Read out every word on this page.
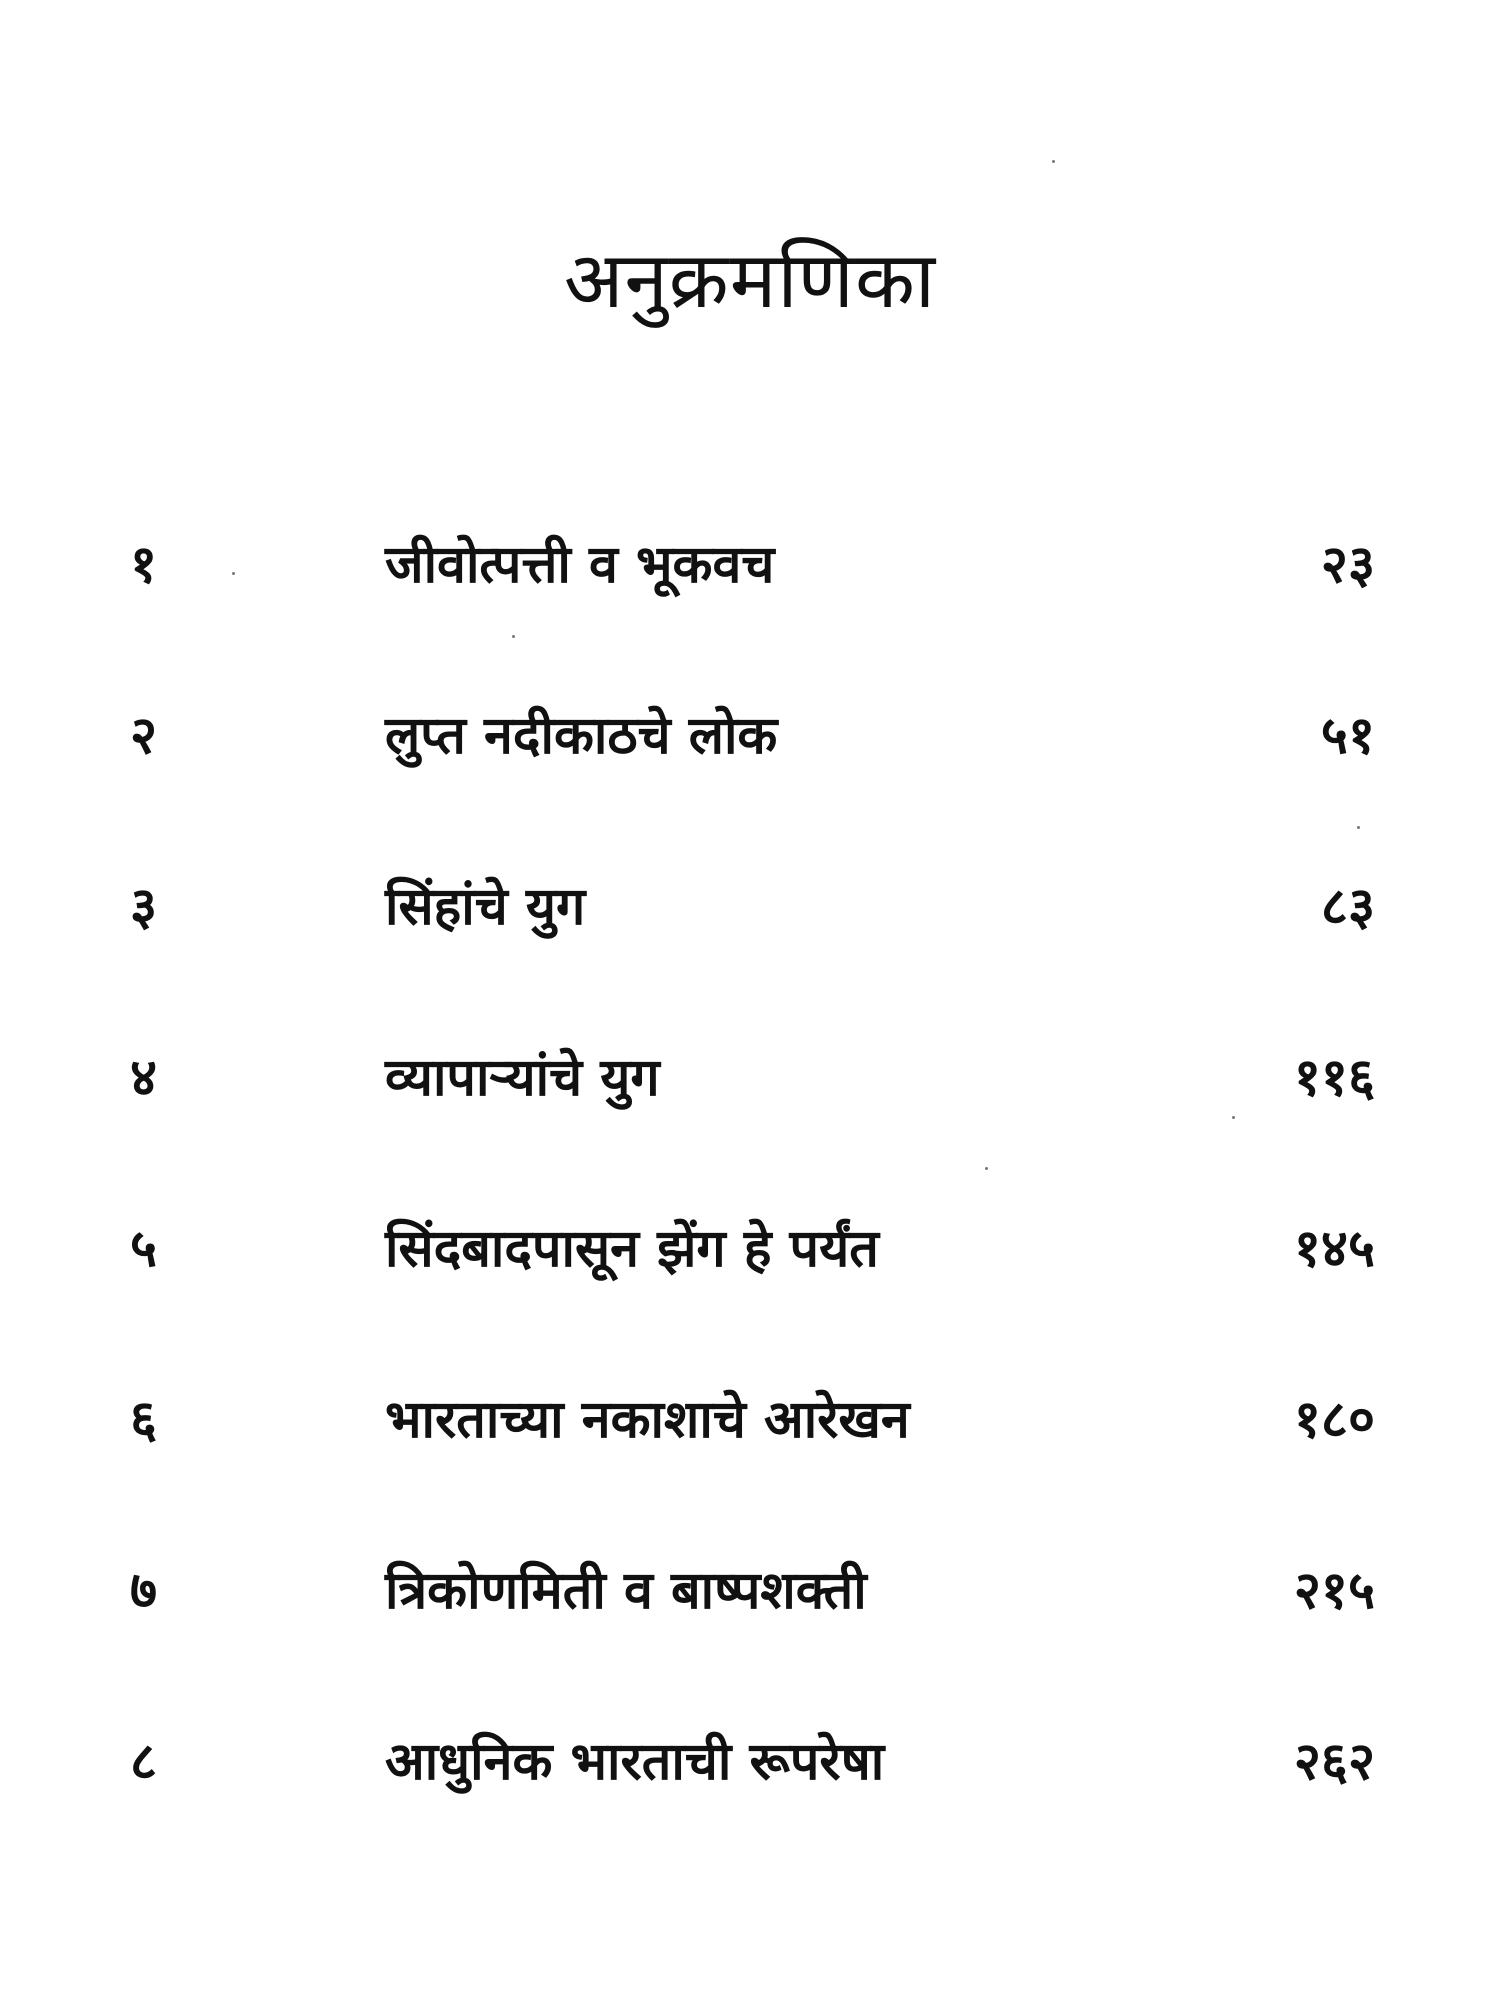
अनुक्रमणिका
१	जीवोत्पत्ती व भूकवच	२३
२	लुप्त नदीकाठचे लोक	५१
३	सिंहांचे युग	८३
४	व्यापाऱ्यांचे युग	११६
५	सिंदबादपासून झेंग हे पर्यंत	१४५
६	भारताच्या नकाशाचे आरेखन	१८०
७	त्रिकोणमिती व बाष्पशक्ती	२१५
८	आधुनिक भारताची रूपरेषा	२६२
